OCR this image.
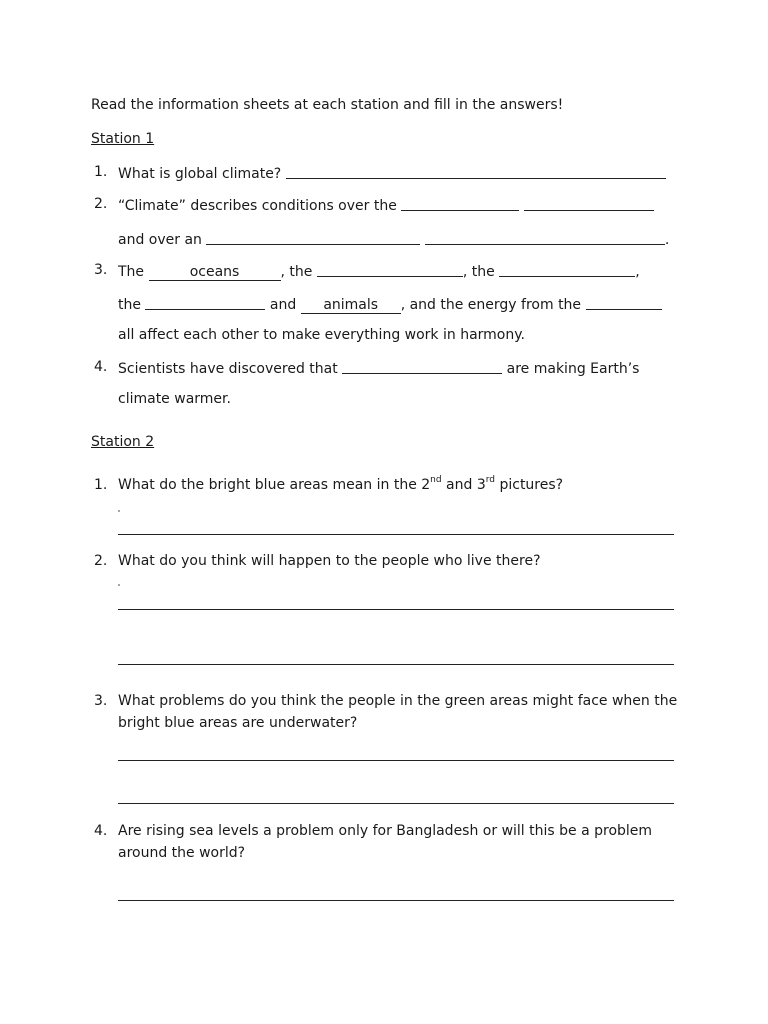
Read the information sheets at each station and fill in the answers!
Station 1
1. What is global climate?
2. “Climate” describes conditions over the
and over an	.
3. The	oceans	, the	, the	,
the	and animals , and the energy from the
all affect each other to make everything work in harmony.
4. Scientists have discovered that	are making Earth’s
climate warmer.
Station 2
1. What do the bright blue areas mean in the 2nd and 3rd pictures?
2. What do you think will happen to the people who live there?
3. What problems do you think the people in the green areas might face when the
bright blue areas are underwater?
4. Are rising sea levels a problem only for Bangladesh or will this be a problem
around the world?
